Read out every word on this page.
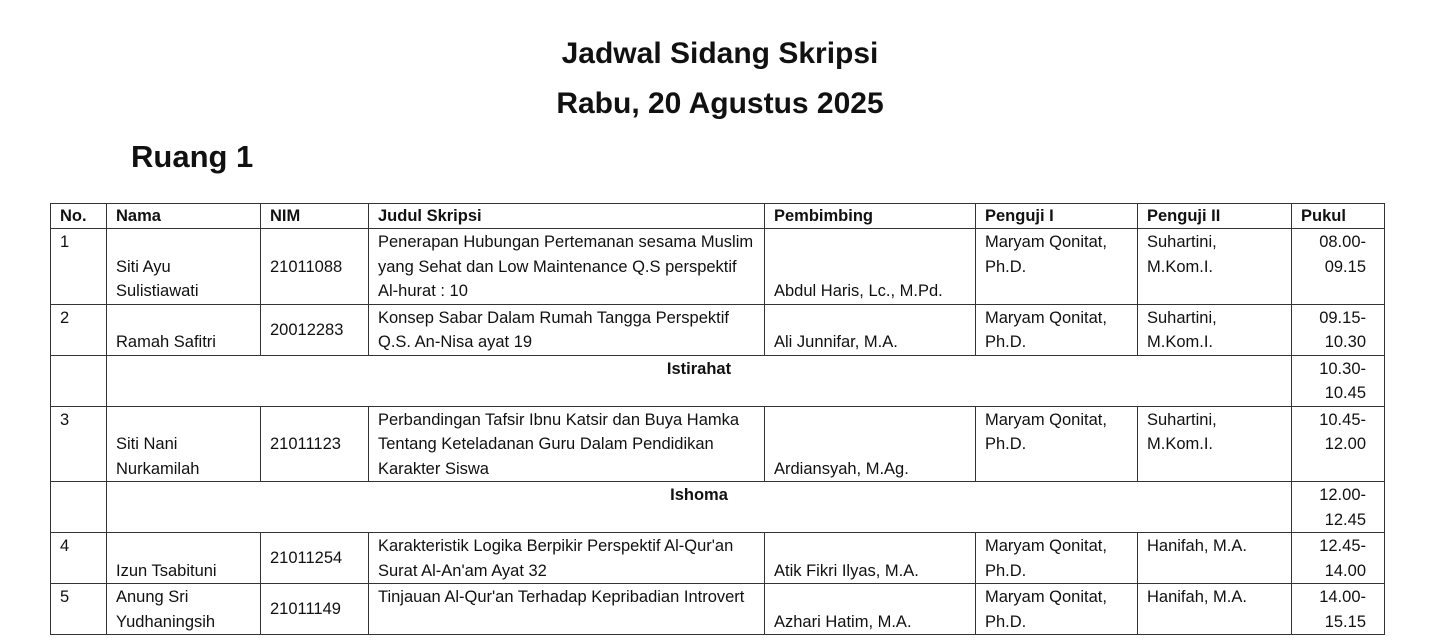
Jadwal Sidang Skripsi
Rabu, 20 Agustus 2025
Ruang 1
No.	Nama	NIM	Judul Skripsi	Pembimbing	Penguji I	Penguji II	Pukul
1	Siti Ayu Sulistiawati	21011088	Penerapan Hubungan Pertemanan sesama Muslim yang Sehat dan Low Maintenance Q.S perspektif Al-hurat : 10	Abdul Haris, Lc., M.Pd.	Maryam Qonitat, Ph.D.	Suhartini, M.Kom.I.	08.00-09.15
2	Ramah Safitri	20012283	Konsep Sabar Dalam Rumah Tangga Perspektif Q.S. An-Nisa ayat 19	Ali Junnifar, M.A.	Maryam Qonitat, Ph.D.	Suhartini, M.Kom.I.	09.15-10.30
	Istirahat						10.30-10.45
3	Siti Nani Nurkamilah	21011123	Perbandingan Tafsir Ibnu Katsir dan Buya Hamka Tentang Keteladanan Guru Dalam Pendidikan Karakter Siswa	Ardiansyah, M.Ag.	Maryam Qonitat, Ph.D.	Suhartini, M.Kom.I.	10.45-12.00
	Ishoma						12.00-12.45
4	Izun Tsabituni	21011254	Karakteristik Logika Berpikir Perspektif Al-Qur'an Surat Al-An'am Ayat 32	Atik Fikri Ilyas, M.A.	Maryam Qonitat, Ph.D.	Hanifah, M.A.	12.45-14.00
5	Anung Sri Yudhaningsih	21011149	Tinjauan Al-Qur'an Terhadap Kepribadian Introvert	Azhari Hatim, M.A.	Maryam Qonitat, Ph.D.	Hanifah, M.A.	14.00-15.15
